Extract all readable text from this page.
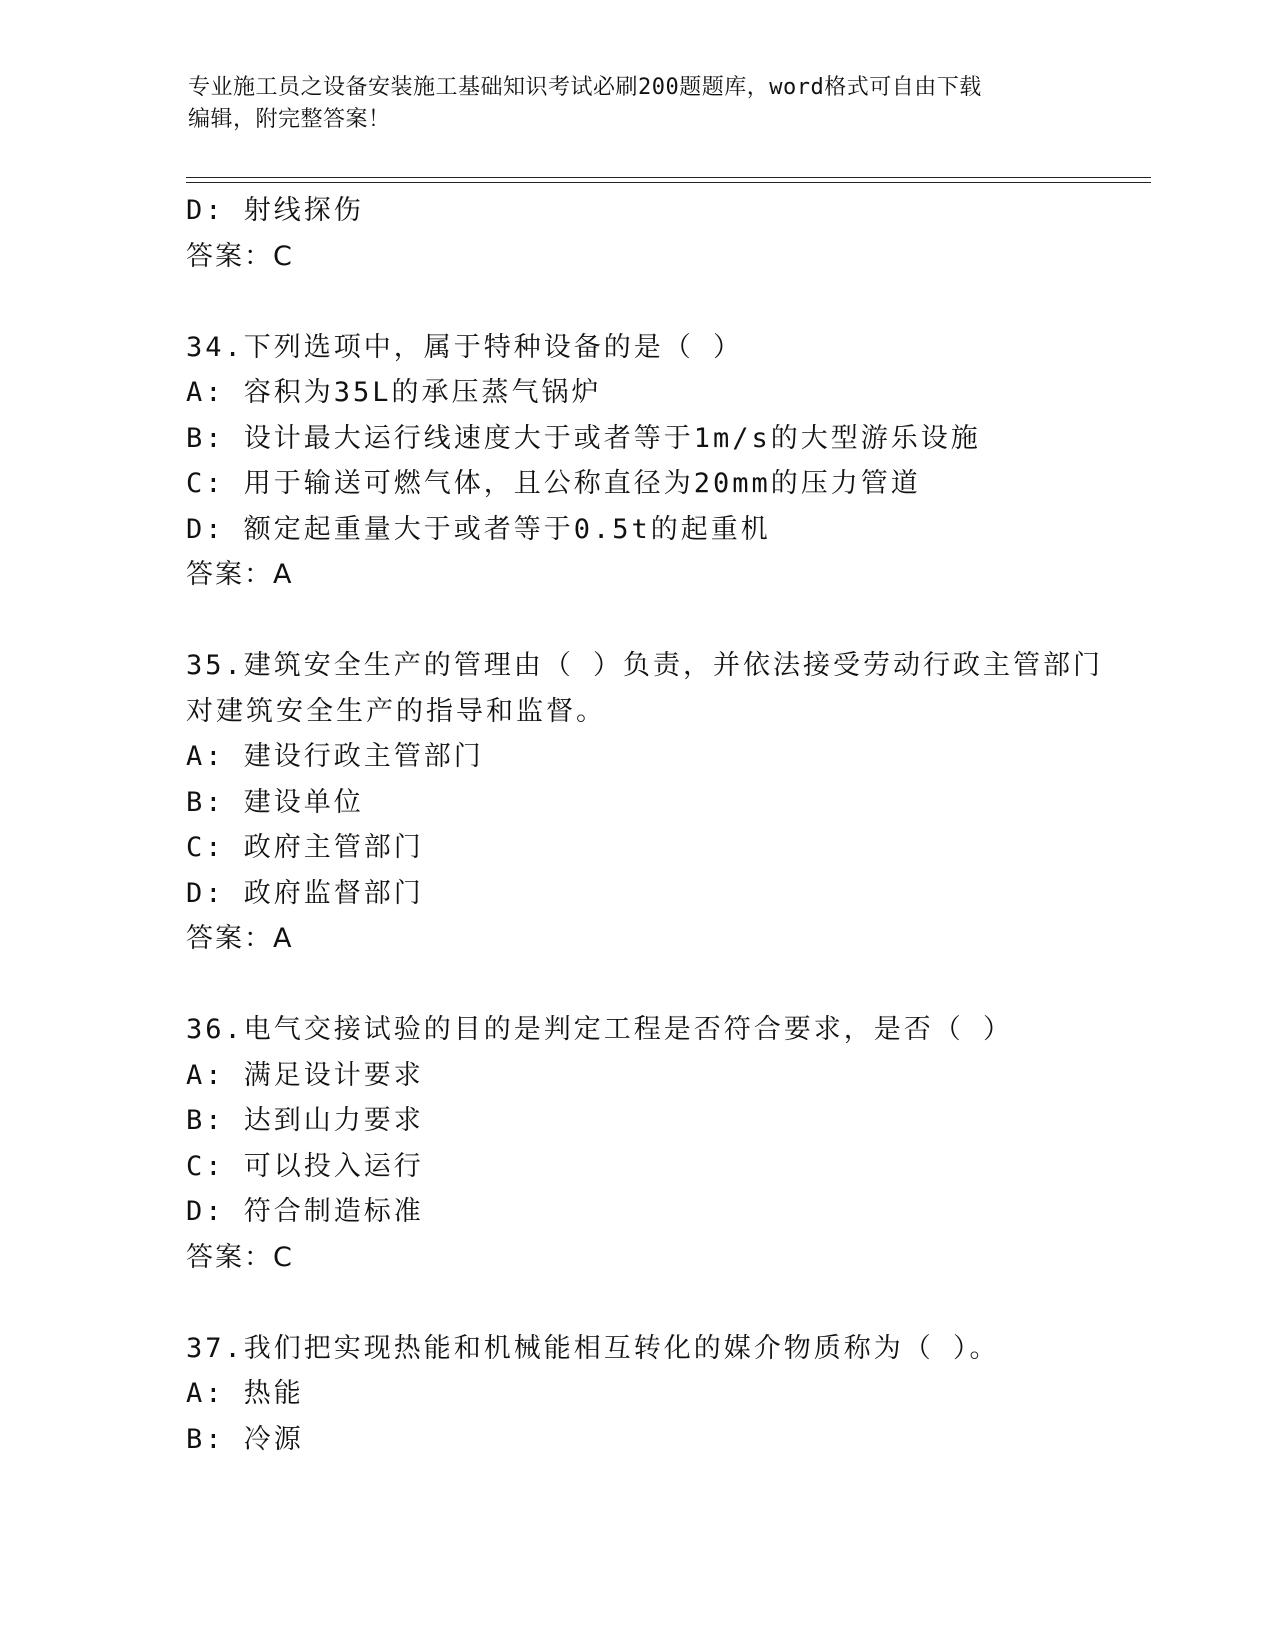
专业施工员之设备安装施工基础知识考试必刷200题题库，word格式可自由下载
编辑，附完整答案！
D: 射线探伤
答案：C
34.下列选项中，属于特种设备的是（ ）
A: 容积为35L的承压蒸气锅炉
B: 设计最大运行线速度大于或者等于1m/s的大型游乐设施
C: 用于输送可燃气体，且公称直径为20mm的压力管道
D: 额定起重量大于或者等于0.5t的起重机
答案：A
35.建筑安全生产的管理由（ ）负责，并依法接受劳动行政主管部门
对建筑安全生产的指导和监督。
A: 建设行政主管部门
B: 建设单位
C: 政府主管部门
D: 政府监督部门
答案：A
36.电气交接试验的目的是判定工程是否符合要求，是否（ ）
A: 满足设计要求
B: 达到山力要求
C: 可以投入运行
D: 符合制造标准
答案：C
37.我们把实现热能和机械能相互转化的媒介物质称为（ ）。
A: 热能
B: 冷源
